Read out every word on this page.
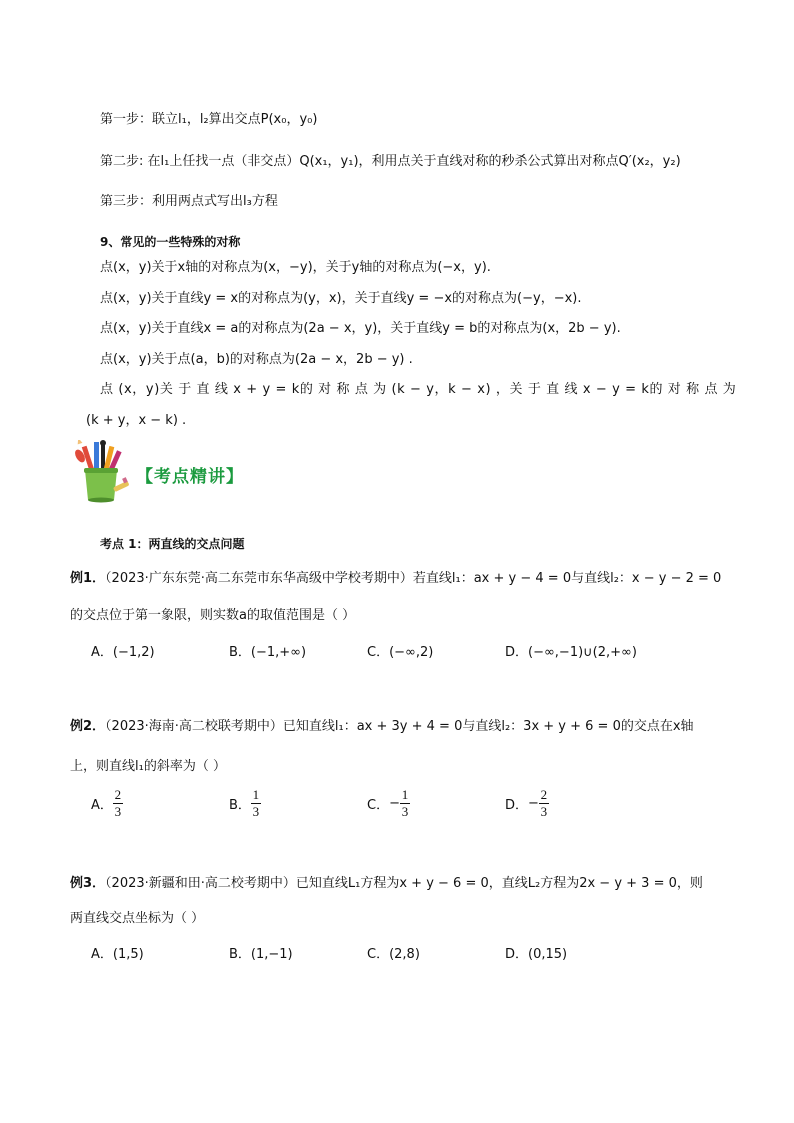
第一步：联立l₁，l₂算出交点P(x₀，y₀)
第二步: 在l₁上任找一点（非交点）Q(x₁，y₁)，利用点关于直线对称的秒杀公式算出对称点Q′(x₂，y₂)
第三步：利用两点式写出l₃方程
9、常见的一些特殊的对称
点(x，y)关于x轴的对称点为(x，−y)，关于y轴的对称点为(−x，y).
点(x，y)关于直线y = x的对称点为(y，x)，关于直线y = −x的对称点为(−y，−x).
点(x，y)关于直线x = a的对称点为(2a − x，y)，关于直线y = b的对称点为(x，2b − y).
点(x，y)关于点(a，b)的对称点为(2a − x，2b − y) .
点 (x，y)关 于 直 线 x + y = k的 对 称 点 为 (k − y，k − x) ，关 于 直 线 x − y = k的 对 称 点 为
(k + y，x − k) .
【考点精讲】
考点 1：两直线的交点问题
例1．（2023·广东东莞·高二东莞市东华高级中学校考期中）若直线l₁：ax + y − 4 = 0与直线l₂：x − y − 2 = 0
的交点位于第一象限，则实数a的取值范围是（ ）
A．(−1,2)	B．(−1,+∞)	C．(−∞,2)	D．(−∞,−1)∪(2,+∞)
例2．（2023·海南·高二校联考期中）已知直线l₁：ax + 3y + 4 = 0与直线l₂：3x + y + 6 = 0的交点在x轴
上，则直线l₁的斜率为（ ）
A． $\frac{2}{3}$	B． $\frac{1}{3}$	C． − $\frac{1}{3}$	D． − $\frac{2}{3}$
例3．（2023·新疆和田·高二校考期中）已知直线L₁方程为x + y − 6 = 0，直线L₂方程为2x − y + 3 = 0，则
两直线交点坐标为（ ）
A．(1,5)	B．(1,−1)	C．(2,8)	D．(0,15)
